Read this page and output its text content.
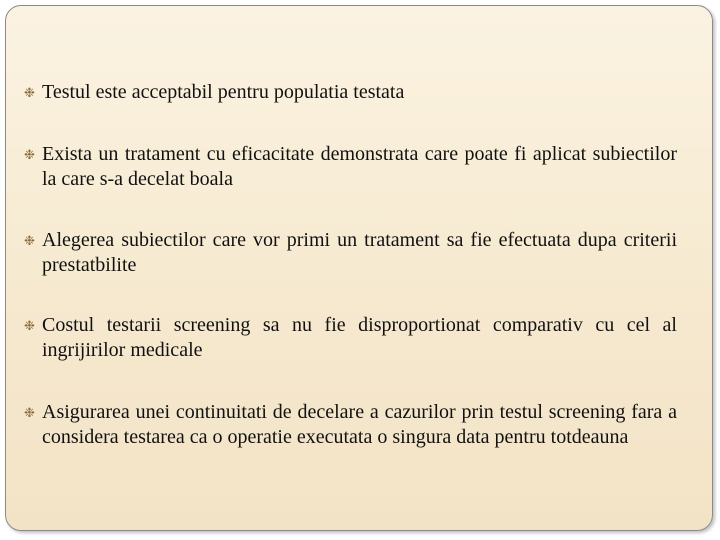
❉ Testul este acceptabil pentru populatia testata
❉ Exista un tratament cu eficacitate demonstrata care poate fi aplicat subiectilor la care s-a decelat boala
❉ Alegerea subiectilor care vor primi un tratament sa fie efectuata dupa criterii prestatbilite
❉ Costul testarii screening sa nu fie disproportionat comparativ cu cel al ingrijirilor medicale
❉ Asigurarea unei continuitati de decelare a cazurilor prin testul screening fara a considera testarea ca o operatie executata o singura data pentru totdeauna
